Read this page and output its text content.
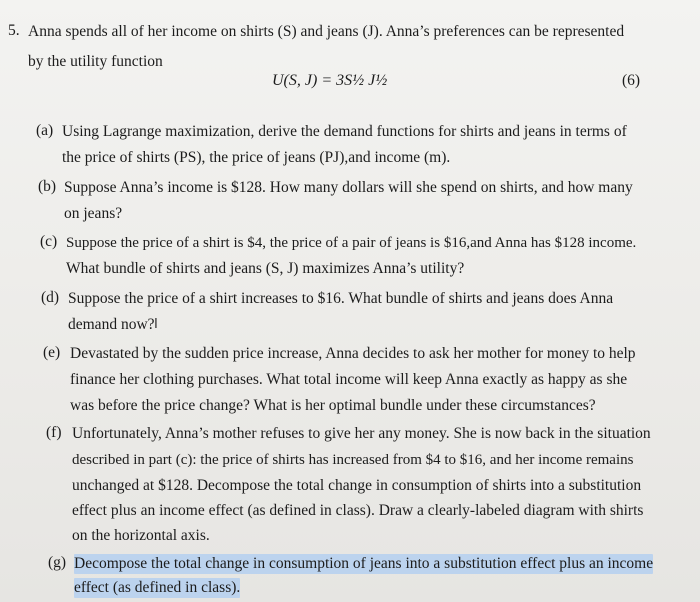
5. Anna spends all of her income on shirts (S) and jeans (J). Anna’s preferences can be represented
by the utility function
U(S, J) = 3S½ J½	(6)
(a) Using Lagrange maximization, derive the demand functions for shirts and jeans in terms of
the price of shirts (PS), the price of jeans (PJ),and income (m).
(b) Suppose Anna’s income is $128. How many dollars will she spend on shirts, and how many
on jeans?
(c) Suppose the price of a shirt is $4, the price of a pair of jeans is $16,and Anna has $128 income.
What bundle of shirts and jeans (S, J) maximizes Anna’s utility?
(d) Suppose the price of a shirt increases to $16. What bundle of shirts and jeans does Anna
demand now? Ι
(e) Devastated by the sudden price increase, Anna decides to ask her mother for money to help
finance her clothing purchases. What total income will keep Anna exactly as happy as she
was before the price change? What is her optimal bundle under these circumstances?
(f) Unfortunately, Anna’s mother refuses to give her any money. She is now back in the situation
described in part (c): the price of shirts has increased from $4 to $16, and her income remains
unchanged at $128. Decompose the total change in consumption of shirts into a substitution
effect plus an income effect (as defined in class). Draw a clearly-labeled diagram with shirts
on the horizontal axis.
(g) Decompose the total change in consumption of jeans into a substitution effect plus an income
effect (as defined in class).
